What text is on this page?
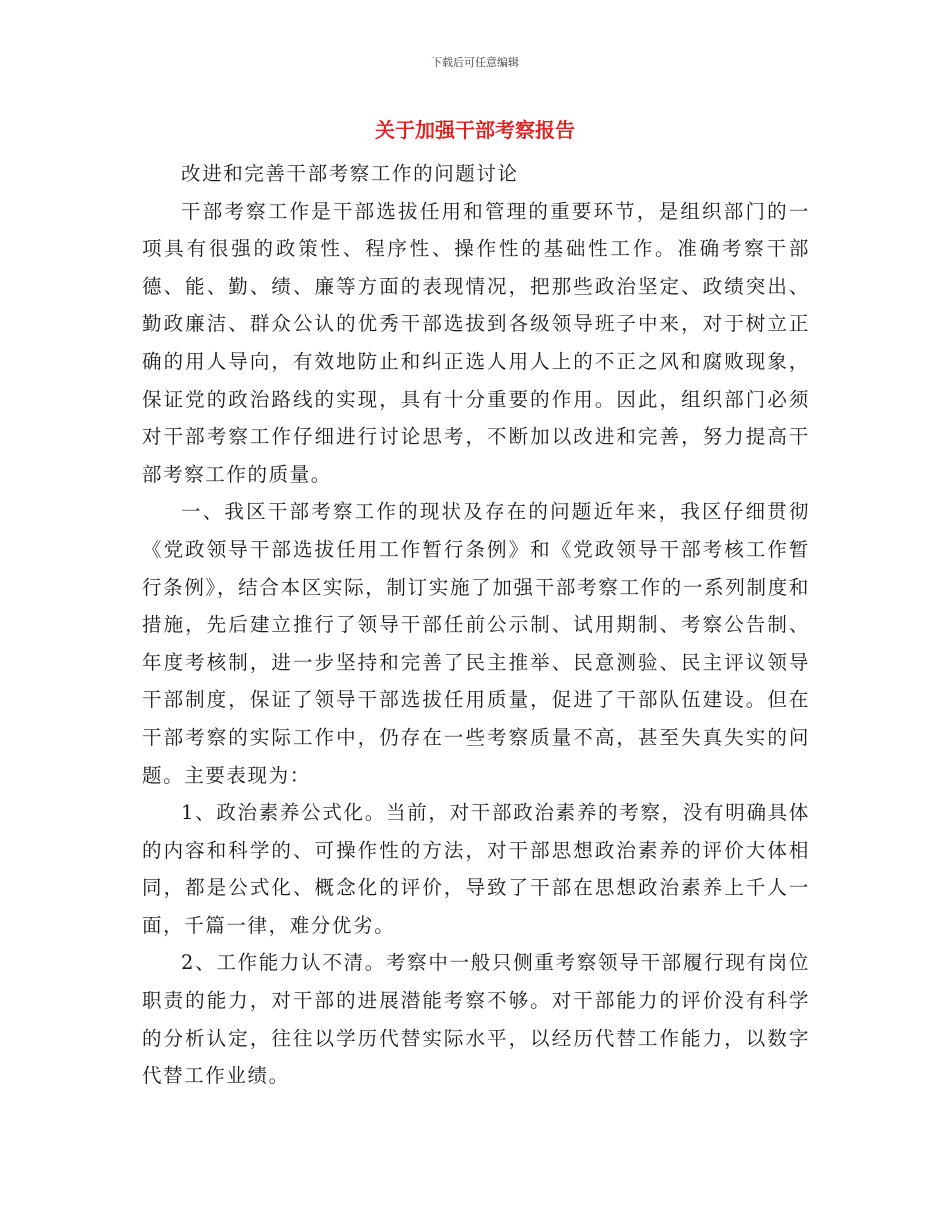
下载后可任意编辑
关于加强干部考察报告

改进和完善干部考察工作的问题讨论

干部考察工作是干部选拔任用和管理的重要环节，是组织部门的一项具有很强的政策性、程序性、操作性的基础性工作。准确考察干部德、能、勤、绩、廉等方面的表现情况，把那些政治坚定、政绩突出、勤政廉洁、群众公认的优秀干部选拔到各级领导班子中来，对于树立正确的用人导向，有效地防止和纠正选人用人上的不正之风和腐败现象，保证党的政治路线的实现，具有十分重要的作用。因此，组织部门必须对干部考察工作仔细进行讨论思考，不断加以改进和完善，努力提高干部考察工作的质量。

一、我区干部考察工作的现状及存在的问题近年来，我区仔细贯彻《党政领导干部选拔任用工作暂行条例》和《党政领导干部考核工作暂行条例》，结合本区实际，制订实施了加强干部考察工作的一系列制度和措施，先后建立推行了领导干部任前公示制、试用期制、考察公告制、年度考核制，进一步坚持和完善了民主推举、民意测验、民主评议领导干部制度，保证了领导干部选拔任用质量，促进了干部队伍建设。但在干部考察的实际工作中，仍存在一些考察质量不高，甚至失真失实的问题。主要表现为：

1、政治素养公式化。当前，对干部政治素养的考察，没有明确具体的内容和科学的、可操作性的方法，对干部思想政治素养的评价大体相同，都是公式化、概念化的评价，导致了干部在思想政治素养上千人一面，千篇一律，难分优劣。

2、工作能力认不清。考察中一般只侧重考察领导干部履行现有岗位职责的能力，对干部的进展潜能考察不够。对干部能力的评价没有科学的分析认定，往往以学历代替实际水平，以经历代替工作能力，以数字代替工作业绩。
